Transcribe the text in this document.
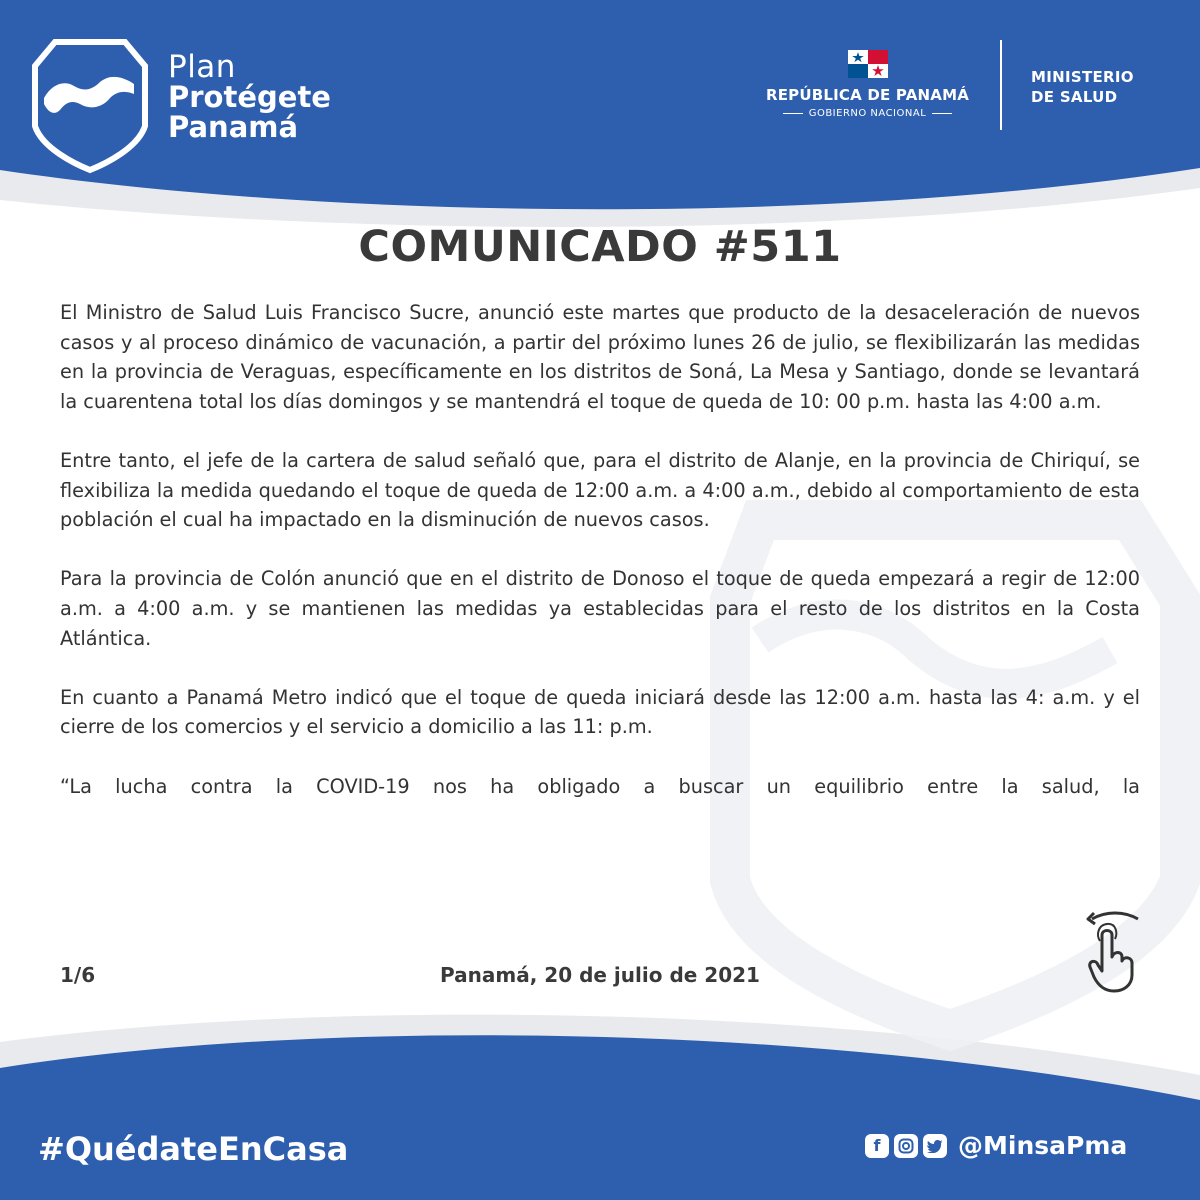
Plan
Protégete
Panamá
REPÚBLICA DE PANAMÁ
GOBIERNO NACIONAL
MINISTERIO
DE SALUD
COMUNICADO #511

El Ministro de Salud Luis Francisco Sucre, anunció este martes que producto de la desaceleración de nuevos casos y al proceso dinámico de vacunación, a partir del próximo lunes 26 de julio, se flexibilizarán las medidas en la provincia de Veraguas, específicamente en los distritos de Soná, La Mesa y Santiago, donde se levantará la cuarentena total los días domingos y se mantendrá el toque de queda de 10: 00 p.m. hasta las 4:00 a.m.

Entre tanto, el jefe de la cartera de salud señaló que, para el distrito de Alanje, en la provincia de Chiriquí, se flexibiliza la medida quedando el toque de queda de 12:00 a.m. a 4:00 a.m., debido al comportamiento de esta población el cual ha impactado en la disminución de nuevos casos.

Para la provincia de Colón anunció que en el distrito de Donoso el toque de queda empezará a regir de 12:00 a.m. a 4:00 a.m. y se mantienen las medidas ya establecidas para el resto de los distritos en la Costa Atlántica.

En cuanto a Panamá Metro indicó que el toque de queda iniciará desde las 12:00 a.m. hasta las 4: a.m. y el cierre de los comercios y el servicio a domicilio a las 11: p.m.

“La lucha contra la COVID-19 nos ha obligado a buscar un equilibrio entre la salud, la

1/6	Panamá, 20 de julio de 2021
#QuédateEnCasa	f	@MinsaPma
